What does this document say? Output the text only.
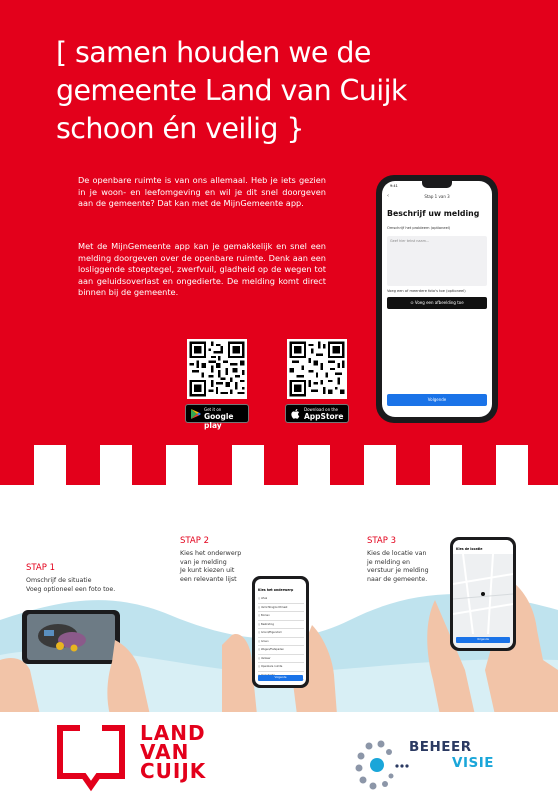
[ samen houden we de
gemeente Land van Cuijk
schoon én veilig }

De openbare ruimte is van ons allemaal. Heb je iets gezien in je woon- en leefomgeving en wil je dit snel doorgeven aan de gemeente? Dat kan met de MijnGemeente app.

Met de MijnGemeente app kan je gemakkelijk en snel een melding doorgeven over de openbare ruimte. Denk aan een losliggende stoeptegel, zwerfvuil, gladheid op de wegen tot aan geluidsoverlast en ongedierte. De melding komt direct binnen bij de gemeente.

Get it on
Google play
Download on the
AppStore
9:41
‹	Stap 1 van 3
Beschrijf uw melding
Omschrijf het probleem (optioneel)
Geef hier tekst naam...
Voeg een of meerdere foto's toe (optioneel)
⊙ Voeg een afbeelding toe
Volgende
STAP 1
Omschrijf de situatie
Voeg optioneel een foto toe.
STAP 2
Kies het onderwerp
van je melding
Je kunt kiezen uit
een relevante lijst
Kies het onderwerp
○ Afval
○ Verlichting/Lichtmast
○ Bomen
○ Bestrating
○ Grond/Eigendom
○ Groen
○ Wegen/Fietspaden
○ Verkeer
○ Openbare ruimte
Volgende
STAP 3
Kies de locatie van
je melding en
verstuur je melding
naar de gemeente.
Kies de locatie
Volgende
LAND
VAN
CUIJK
BEHEER
VISIE
